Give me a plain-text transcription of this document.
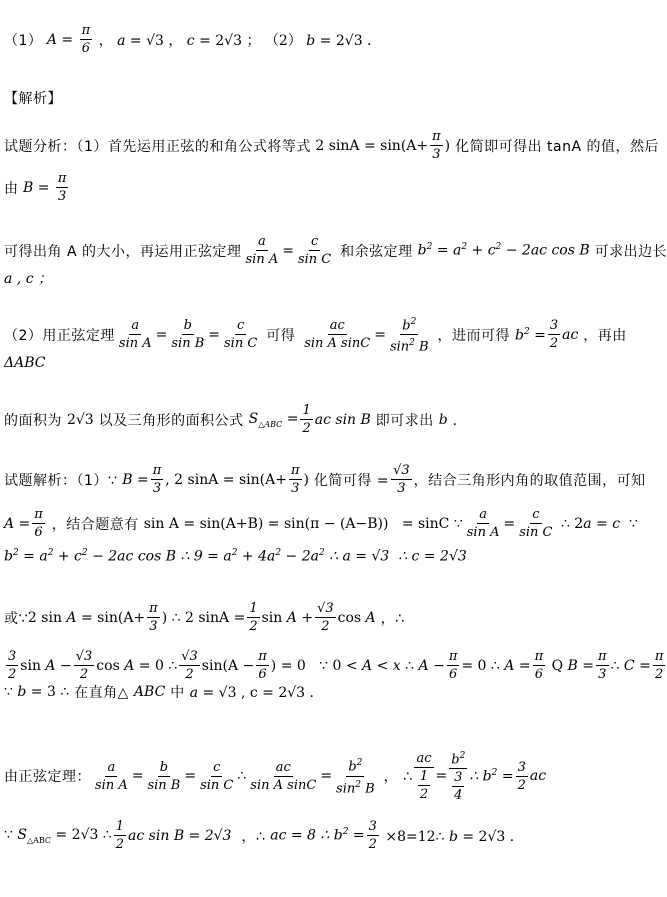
（1） $A = \frac{\pi}{6}$ ， a = √3 ， c = 2√3 ； （2） b = 2√3 ．
【解析】
试题分析：（1）首先运用正弦的和角公式将等式 2 $\sin A = \sin(A+ \frac{\pi}{3}$ ) 化简即可得出 tanA 的值，然后
由 $B = \frac{\pi}{3}$
可得出角 A 的大小，再运用正弦定理 $\frac{a}{\text{sin A}} = \frac{c}{\text{sin C}}$ 和余弦定理 $b^2 = a^2 + c^2 - 2ac$ cos B 可求出边长
a , c ；
（2）用正弦定理 $\frac{a}{\text{sin A}} = \frac{b}{\text{sin B}} = \frac{c}{\text{sin C}}$ 可得 $\frac{ac}{\text{sin A sinC}} = \frac{b^2}{\sin^2 B}$ ，进而可得 $b^2 = \frac{3}{2}$ ac ，再由
ΔABC
的面积为 2√3 以及三角形的面积公式 $S_{\triangle ABC} = \frac{1}{2}$ ac sin B 即可求出 b ．
试题解析：（1）∵ $B = \frac{\pi}{3}$ , 2 $\sin A = \sin(A+ \frac{\pi}{3}$ ) 化简可得 = $\frac{√3}{3}$ ，结合三角形内角的取值范围，可知
$A = \frac{\pi}{6}$ ，结合题意有 sin A = sin(A+B) = sin(π − (A−B))   = sinC ∵ $\frac{a}{\text{sin A}} = \frac{c}{\text{sin C}}$ ∴ 2a = c  ∵
$b^2 = a^2 + c^2 - 2ac$ cos B ∴ $9 = a^2 + 4a^2 - 2a^2$ ∴ a = √3  ∴ c = 2√3
或∵ 2 $\sin A = \sin(A+ \frac{\pi}{3}$ ) ∴ 2 $\sin A = \frac{1}{2}$ $\sin A + \frac{√3}{2}$ cos A ，∴
$\frac{3}{2}$ $\sin A - \frac{√3}{2}$ cos A = 0 ∴ $\frac{√3}{2} \sin(A - \frac{\pi}{6}$ ) = 0   ∵ 0 < A < x ∴ $A - \frac{\pi}{6} = 0$ ∴ $A = \frac{\pi}{6}$ Q $B = \frac{\pi}{3}$ ∴ $C = \frac{\pi}{2}$
∵ b = 3 ∴ 在直角△ ABC 中 a = √3 , c = 2√3 ．
由正弦定理： $\frac{a}{\text{sin A}} = \frac{b}{\text{sin B}} = \frac{c}{\text{sin C}}$ ∴ $\frac{ac}{\text{sin A sinC}} = \frac{b^2}{\sin^2 B}$ ， ∴ $\frac{ac}{\frac{1}{2}} = \frac{b^2}{\frac{3}{4}}$ ∴ $b^2 = \frac{3}{2}$ ac
∵ $S_{\triangle ABC} = 2√3$ ∴ $\frac{1}{2}$ ac sin B = 2√3 ，∴ ac = 8 ∴ $b^2 = \frac{3}{2}$ ×8=12∴ b = 2√3 ．
